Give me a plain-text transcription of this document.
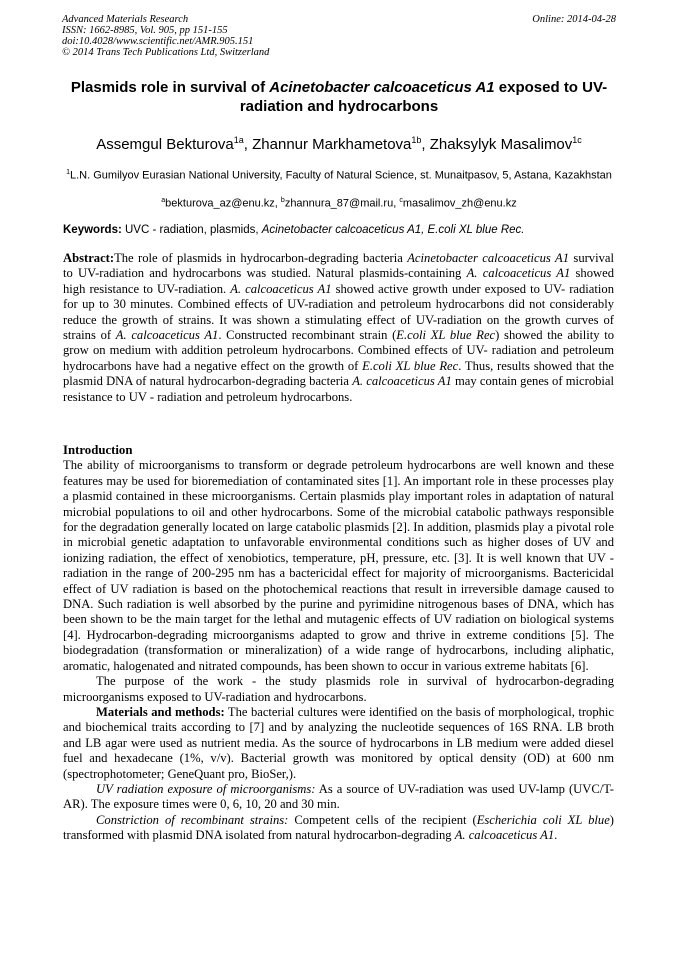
Advanced Materials Research
ISSN: 1662-8985, Vol. 905, pp 151-155
doi:10.4028/www.scientific.net/AMR.905.151
© 2014 Trans Tech Publications Ltd, Switzerland
Online: 2014-04-28
Plasmids role in survival of Acinetobacter calcoaceticus A1 exposed to UV-radiation and hydrocarbons
Assemgul Bekturova$^{1a}$, Zhannur Markhametova$^{1b}$, Zhaksylyk Masalimov$^{1c}$
$^1$L.N. Gumilyov Eurasian National University, Faculty of Natural Science, st. Munaitpasov, 5, Astana, Kazakhstan
$^a$bekturova_az@enu.kz, $^b$zhannura_87@mail.ru, $^c$masalimov_zh@enu.kz
Keywords: UVC - radiation, plasmids, Acinetobacter calcoaceticus A1, E.coli XL blue Rec.
Abstract:The role of plasmids in hydrocarbon-degrading bacteria Acinetobacter calcoaceticus A1 survival to UV-radiation and hydrocarbons was studied. Natural plasmids-containing A. calcoaceticus A1 showed high resistance to UV-radiation. A. calcoaceticus A1 showed active growth under exposed to UV- radiation for up to 30 minutes. Combined effects of UV-radiation and petroleum hydrocarbons did not considerably reduce the growth of strains. It was shown a stimulating effect of UV-radiation on the growth curves of strains of A. calcoaceticus A1. Constructed recombinant strain (E.coli XL blue Rec) showed the ability to grow on medium with addition petroleum hydrocarbons. Combined effects of UV- radiation and petroleum hydrocarbons have had a negative effect on the growth of E.coli XL blue Rec. Thus, results showed that the plasmid DNA of natural hydrocarbon-degrading bacteria A. calcoaceticus A1 may contain genes of microbial resistance to UV - radiation and petroleum hydrocarbons.
Introduction

The ability of microorganisms to transform or degrade petroleum hydrocarbons are well known and these features may be used for bioremediation of contaminated sites [1]. An important role in these processes play a plasmid contained in these microorganisms. Certain plasmids play important roles in adaptation of natural microbial populations to oil and other hydrocarbons. Some of the microbial catabolic pathways responsible for the degradation generally located on large catabolic plasmids [2]. In addition, plasmids play a pivotal role in microbial genetic adaptation to unfavorable environmental conditions such as higher doses of UV and ionizing radiation, the effect of xenobiotics, temperature, pH, pressure, etc. [3]. It is well known that UV - radiation in the range of 200-295 nm has a bactericidal effect for majority of microorganisms. Bactericidal effect of UV radiation is based on the photochemical reactions that result in irreversible damage caused to DNA. Such radiation is well absorbed by the purine and pyrimidine nitrogenous bases of DNA, which has been shown to be the main target for the lethal and mutagenic effects of UV radiation on biological systems [4]. Hydrocarbon-degrading microorganisms adapted to grow and thrive in extreme conditions [5]. The biodegradation (transformation or mineralization) of a wide range of hydrocarbons, including aliphatic, aromatic, halogenated and nitrated compounds, has been shown to occur in various extreme habitats [6].

The purpose of the work - the study plasmids role in survival of hydrocarbon-degrading microorganisms exposed to UV-radiation and hydrocarbons.

Materials and methods: The bacterial cultures were identified on the basis of morphological, trophic and biochemical traits according to [7] and by analyzing the nucleotide sequences of 16S RNA. LB broth and LB agar were used as nutrient media. As the source of hydrocarbons in LB medium were added diesel fuel and hexadecane (1%, v/v). Bacterial growth was monitored by optical density (OD) at 600 nm (spectrophotometer; GeneQuant pro, BioSer,).

UV radiation exposure of microorganisms: As a source of UV-radiation was used UV-lamp (UVC/T-AR). The exposure times were 0, 6, 10, 20 and 30 min.

Constriction of recombinant strains: Competent cells of the recipient (Escherichia coli XL blue) transformed with plasmid DNA isolated from natural hydrocarbon-degrading A. calcoaceticus A1.
